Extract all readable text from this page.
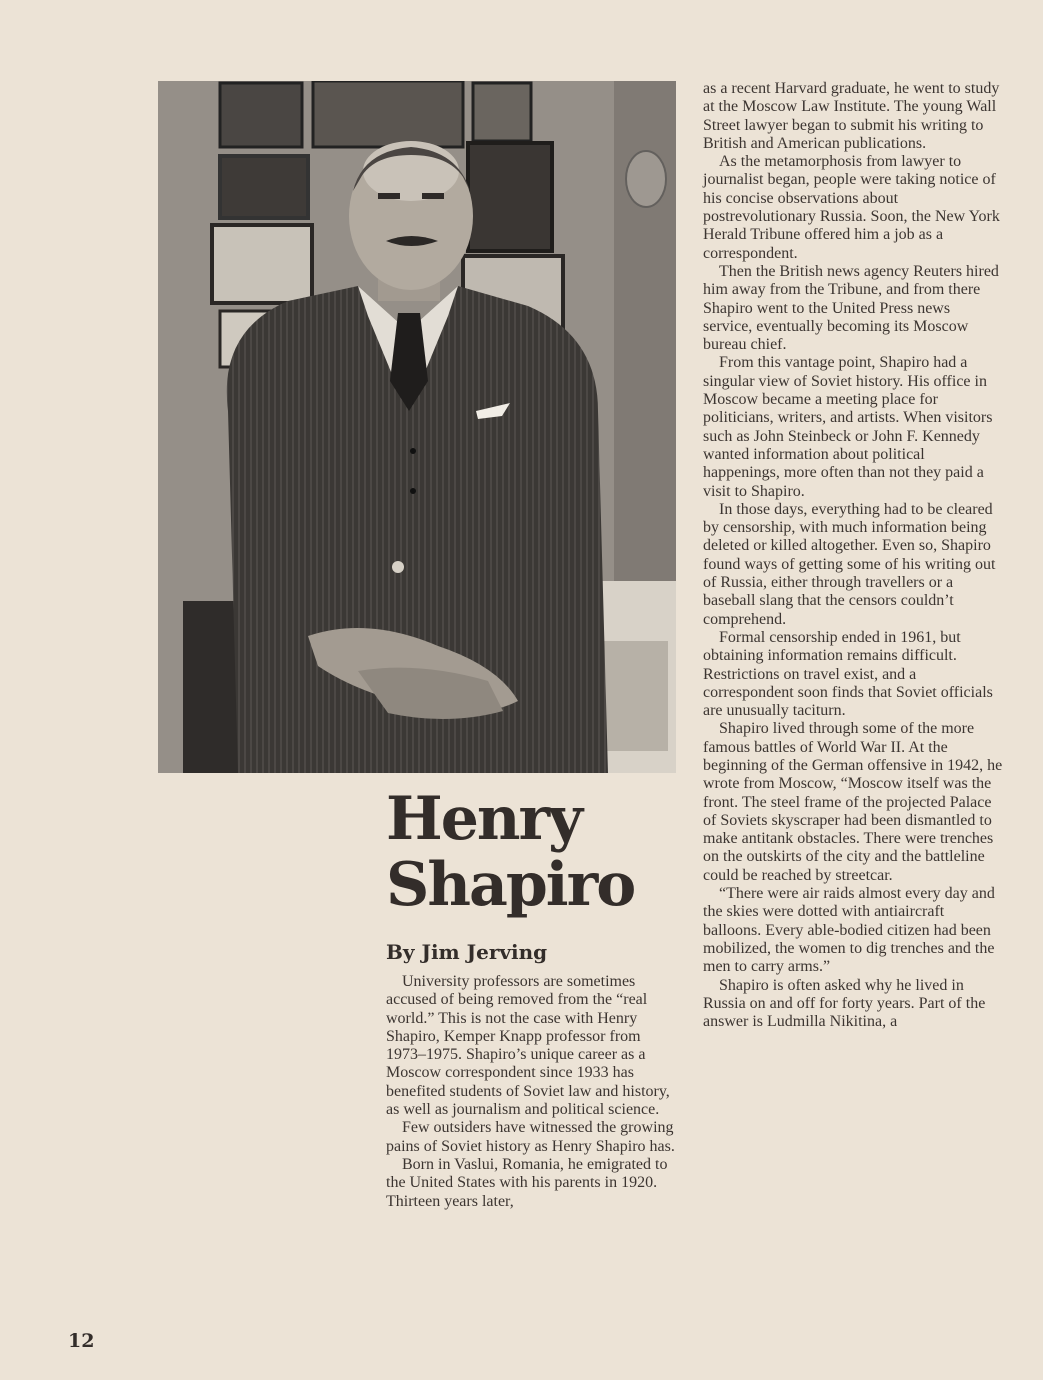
Henry
Shapiro
By Jim Jerving

University professors are sometimes accused of being removed from the “real world.” This is not the case with Henry Shapiro, Kemper Knapp professor from 1973–1975. Shapiro’s unique career as a Moscow correspondent since 1933 has benefited students of Soviet law and history, as well as journalism and political science.

Few outsiders have witnessed the growing pains of Soviet history as Henry Shapiro has.

Born in Vaslui, Romania, he emigrated to the United States with his parents in 1920. Thirteen years later,

as a recent Harvard graduate, he went to study at the Moscow Law Institute. The young Wall Street lawyer began to submit his writing to British and American publications.

As the metamorphosis from lawyer to journalist began, people were taking notice of his concise observations about postrevolutionary Russia. Soon, the New York Herald Tribune offered him a job as a correspondent.

Then the British news agency Reuters hired him away from the Tribune, and from there Shapiro went to the United Press news service, eventually becoming its Moscow bureau chief.

From this vantage point, Shapiro had a singular view of Soviet history. His office in Moscow became a meeting place for politicians, writers, and artists. When visitors such as John Steinbeck or John F. Kennedy wanted information about political happenings, more often than not they paid a visit to Shapiro.

In those days, everything had to be cleared by censorship, with much information being deleted or killed altogether. Even so, Shapiro found ways of getting some of his writing out of Russia, either through travellers or a baseball slang that the censors couldn’t comprehend.

Formal censorship ended in 1961, but obtaining information remains difficult. Restrictions on travel exist, and a correspondent soon finds that Soviet officials are unusually taciturn.

Shapiro lived through some of the more famous battles of World War II. At the beginning of the German offensive in 1942, he wrote from Moscow, “Moscow itself was the front. The steel frame of the projected Palace of Soviets skyscraper had been dismantled to make antitank obstacles. There were trenches on the outskirts of the city and the battleline could be reached by streetcar.

“There were air raids almost every day and the skies were dotted with antiaircraft balloons. Every able-bodied citizen had been mobilized, the women to dig trenches and the men to carry arms.”

Shapiro is often asked why he lived in Russia on and off for forty years. Part of the answer is Ludmilla Nikitina, a

12
